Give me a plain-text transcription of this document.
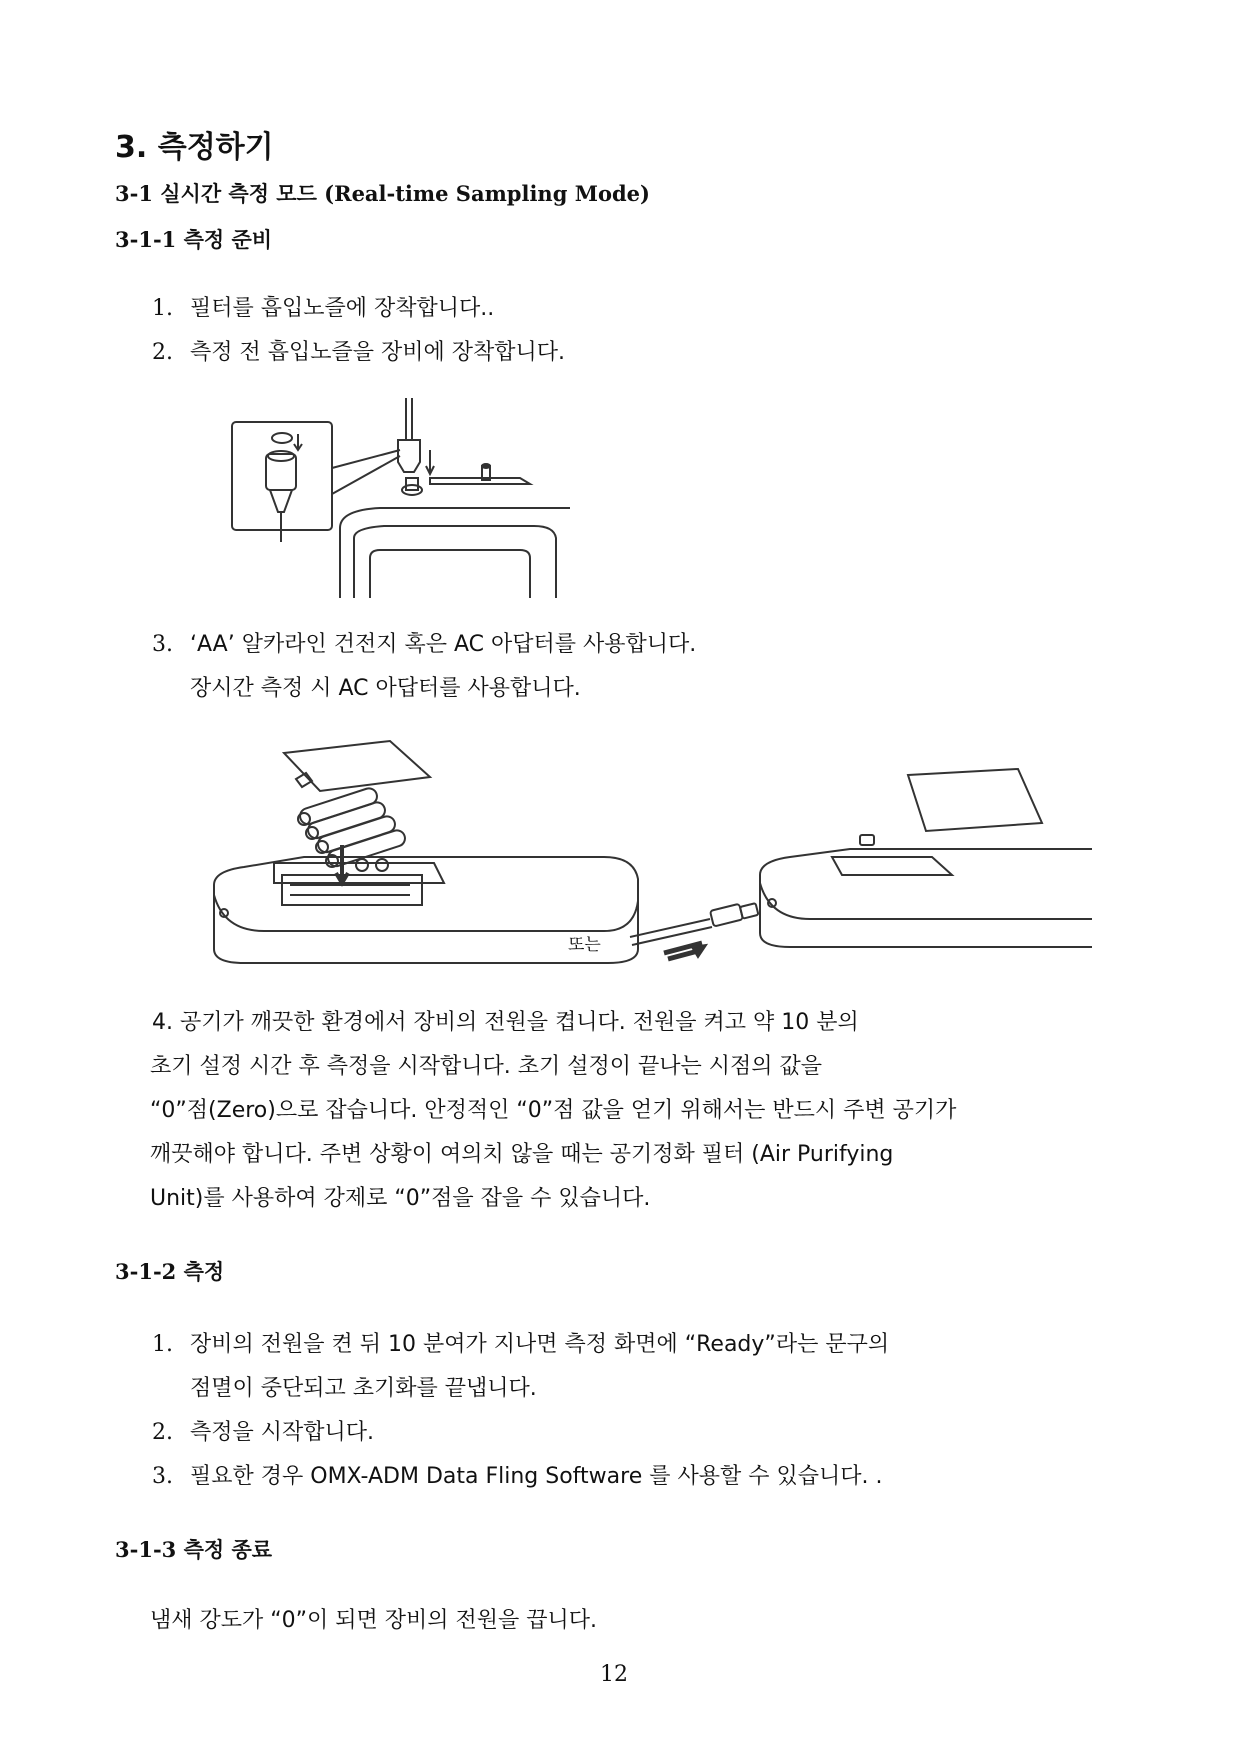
3. 측정하기
3-1 실시간 측정 모드 (Real-time Sampling Mode)
3-1-1 측정 준비
1. 필터를 흡입노즐에 장착합니다..
2. 측정 전 흡입노즐을 장비에 장착합니다.
3. ‘AA’ 알카라인 건전지 혹은 AC 아답터를 사용합니다.
장시간 측정 시 AC 아답터를 사용합니다.
또는
4. 공기가 깨끗한 환경에서 장비의 전원을 켭니다. 전원을 켜고 약 10 분의
초기 설정 시간 후 측정을 시작합니다. 초기 설정이 끝나는 시점의 값을
“0”점(Zero)으로 잡습니다. 안정적인 “0”점 값을 얻기 위해서는 반드시 주변 공기가
깨끗해야 합니다. 주변 상황이 여의치 않을 때는 공기정화 필터 (Air Purifying
Unit)를 사용하여 강제로 “0”점을 잡을 수 있습니다.
3-1-2 측정
1. 장비의 전원을 켠 뒤 10 분여가 지나면 측정 화면에 “Ready”라는 문구의
점멸이 중단되고 초기화를 끝냅니다.
2. 측정을 시작합니다.
3. 필요한 경우 OMX-ADM Data Fling Software 를 사용할 수 있습니다. .
3-1-3 측정 종료
냄새 강도가 “0”이 되면 장비의 전원을 끕니다.
12
